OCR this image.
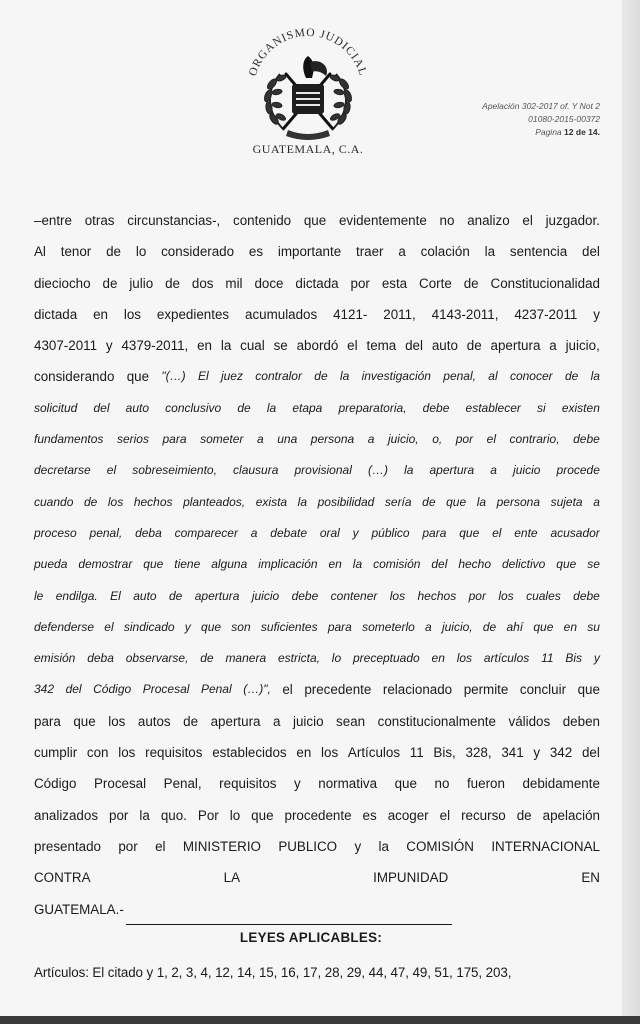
ORGANISMO JUDICIAL
GUATEMALA, C.A.
Apelación 302-2017 of. Y Not 2
01080-2015-00372
Pagina 12 de 14.
–entre otras circunstancias-, contenido que evidentemente no analizo el juzgador.
Al tenor de lo considerado es importante traer a colación la sentencia del
dieciocho de julio de dos mil doce dictada por esta Corte de Constitucionalidad
dictada en los expedientes acumulados 4121- 2011, 4143-2011, 4237-2011 y
4307-2011 y 4379-2011, en la cual se abordó el tema del auto de apertura a juicio,
considerando que "(…) El juez contralor de la investigación penal, al conocer de la
solicitud del auto conclusivo de la etapa preparatoria, debe establecer si existen
fundamentos serios para someter a una persona a juicio, o, por el contrario, debe
decretarse el sobreseimiento, clausura provisional (…) la apertura a juicio procede
cuando de los hechos planteados, exista la posibilidad sería de que la persona sujeta a
proceso penal, deba comparecer a debate oral y público para que el ente acusador
pueda demostrar que tiene alguna implicación en la comisión del hecho delictivo que se
le endilga. El auto de apertura juicio debe contener los hechos por los cuales debe
defenderse el sindicado y que son suficientes para someterlo a juicio, de ahí que en su
emisión deba observarse, de manera estricta, lo preceptuado en los artículos 11 Bis y
342 del Código Procesal Penal (…)", el precedente relacionado permite concluir que
para que los autos de apertura a juicio sean constitucionalmente válidos deben
cumplir con los requisitos establecidos en los Artículos 11 Bis, 328, 341 y 342 del
Código Procesal Penal, requisitos y normativa que no fueron debidamente
analizados por la quo. Por lo que procedente es acoger el recurso de apelación
presentado por el MINISTERIO PUBLICO y la COMISIÓN INTERNACIONAL
CONTRA	LA	IMPUNIDAD	EN
GUATEMALA.-
LEYES APLICABLES:
Artículos: El citado y 1, 2, 3, 4, 12, 14, 15, 16, 17, 28, 29, 44, 47, 49, 51, 175, 203,
